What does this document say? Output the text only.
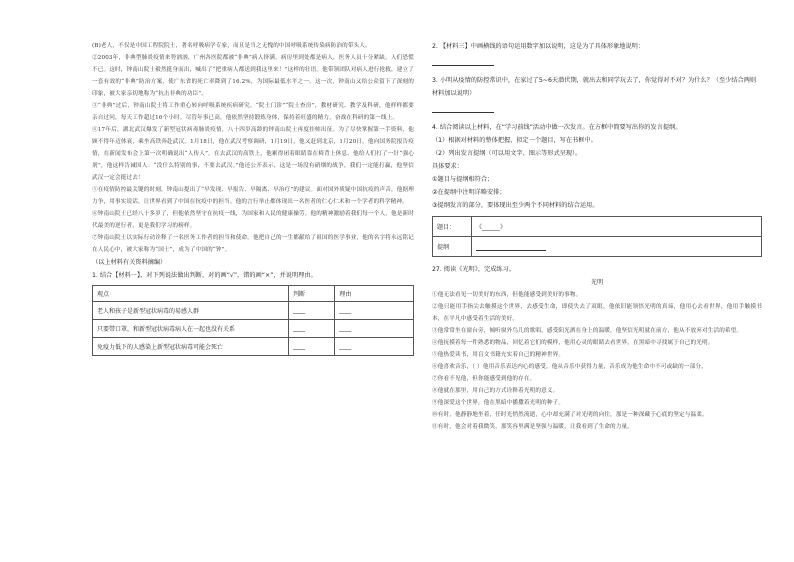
(B)老人，不仅是中国工程院院士，著名呼吸病学专家，而且是当之无愧的中国呼吸系统传染病防治的带头人。

②2003年，非典型肺炎疫情来势汹汹，广州各医院都被“非典”病人挤满，病房里到处都是病人，医务人员十分紧缺，人们恐慌不已。这时，钟南山院士毅然挺身而出，喊出了“把重病人都送到我这里来！”这样的壮语。他带领团队对病人进行抢救，建立了一套有效的“非典”防治方案，使广东省的死亡率降到了16.2%，为国际最低水平之一。这一次，钟南山又给公众留下了深刻的印象，被大家亲切地称为“抗击非典的功臣”。

③“非典”过后，钟南山院士将工作重心转向呼吸系统疾病研究。“院士门诊”“院士查房”，教材研究、教学及科研，他样样都要亲自过问，每天工作超过16个小时。尽管年事已高，他依然坚持锻炼身体，保持着旺盛的精力，奋战在科研的第一线上。

④17年后，湖北武汉爆发了新型冠状病毒肺炎疫情，八十四岁高龄的钟南山院士再度挂帅出征。为了尽快掌握第一手资料，他顾不得年迈体衰，乘坐高铁奔赴武汉。1月18日，他在武汉考察调研，1月19日，他又赶到北京，1月20日，他向国务院报告疫情，在新闻发布会上第一次明确说出“人传人”。在去武汉的高铁上，他累得闭着眼睛靠在椅背上休息。他给人们打了一针“强心剂”，他这样告诫国人：“没什么特别的事，不要去武汉。”他还公开表示，这是一场没有硝烟的战争，我们一定能打赢，他坚信武汉一定会挺过去！

⑤在疫情防控最关键的时刻，钟南山提出了“早发现、早报告、早隔离、早治疗”的建议。面对国外质疑中国抗疫的声音，他据理力争，用事实说话，让世界看到了中国在抗疫中的担当。他的言行举止都体现出一名医者的仁心仁术和一个学者的科学精神。

⑥钟南山院士已经八十多岁了，但他依然坚守在抗疫一线，为国家和人民的健康操劳。他的精神激励着我们每一个人，他是新时代最美的逆行者，更是我们学习的榜样。

⑦钟南山院士以实际行动诠释了一名医务工作者的担当和使命。他把自己的一生都献给了祖国的医学事业，他的名字将永远铭记在人民心中，被大家称为“国士”，成为了中国的“钟”。

（以上材料有关资料摘编）

1. 结合【材料一】，对下列说法做出判断，对的画“√”，错的画“×”，并说明理由。

观点	判断	理由
老人和孩子是新型冠状病毒的易感人群	____	____
只要带口罩，和新型冠状病毒病人在一起也没有关系	____	____
免疫力低下的人感染上新型冠状病毒可能会死亡	____	____

2. 【材料三】中画横线的语句运用数字加以说明，这是为了具体形象地说明：

3. 小明从疫情的防控常识中，在家过了5~6天潜伏期，就出去和同学玩去了，你觉得对不对？为什么？（至少结合两则材料加以说明）

4. 结合阅读以上材料，在“学习前线”活动中做一次发言。在方框中简要写出你的发言提纲。

（1）根据对材料的整体把握，拟定一个题目，写在书框中。

（2）列出发言提纲（可以用文字、图示等形式呈现）。

具体要求：

①题目与提纲相符合；

②在提纲中注明详略安排；

③提纲发言的部分，要体现出至少两个不同材料的结合运用。

题目：	《______》
提纲	

27. 阅读《光明》，完成练习。

光明

①他无法看见一切美好的东西，但他能感受到美好的事物。

②他只能用手指尖去触摸这个世界，去感受生命，即使失去了双眼，他依旧能领悟光明的真谛，他用心去看世界，他用手触摸书本，在平凡中感受着生活的美好。

③他常常坐在窗台旁，倾听窗外鸟儿的歌唱，感受阳光洒在身上的温暖，他坚信光明就在前方，他从不放弃对生活的希望。

④他抚摸着每一件熟悉的物品，回忆着它们的模样，他用心灵的眼睛去看世界，在黑暗中寻找属于自己的光明。

⑤他热爱读书，用盲文书籍充实着自己的精神世界。

⑥他喜欢音乐，（ ）他用音乐表达内心的感受，他从音乐中获得力量，音乐成为他生命中不可或缺的一部分。

⑦你看不见他，但你能感受到他的存在。

⑧他就在那里，用自己的方式诠释着光明的意义。

⑨他深爱这个世界，他在黑暗中播撒着光明的种子。

⑩有时，他静静地坐着，任时光悄然流逝，心中却充满了对光明的向往，那是一种深藏于心底的坚定与温柔。

⑪有时，他会对着我微笑，那笑容里满是坚强与温暖，让我看到了生命的力量。
